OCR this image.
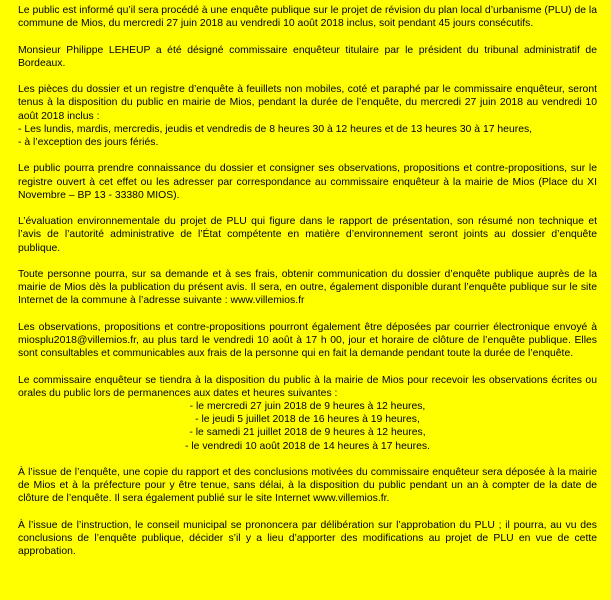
Le public est informé qu’il sera procédé à une enquête publique sur le projet de révision du plan local d’urbanisme (PLU) de la commune de Mios, du mercredi 27 juin 2018 au vendredi 10 août 2018 inclus, soit pendant 45 jours consécutifs.

Monsieur Philippe LEHEUP a été désigné commissaire enquêteur titulaire par le président du tribunal administratif de Bordeaux.

Les pièces du dossier et un registre d’enquête à feuillets non mobiles, coté et paraphé par le commissaire enquêteur, seront tenus à la disposition du public en mairie de Mios, pendant la durée de l’enquête, du mercredi 27 juin 2018 au vendredi 10 août 2018 inclus :

- Les lundis, mardis, mercredis, jeudis et vendredis de 8 heures 30 à 12 heures et de 13 heures 30 à 17 heures,

- à l’exception des jours fériés.

Le public pourra prendre connaissance du dossier et consigner ses observations, propositions et contre-propositions, sur le registre ouvert à cet effet ou les adresser par correspondance au commissaire enquêteur à la mairie de Mios (Place du XI Novembre – BP 13 - 33380 MIOS).

L’évaluation environnementale du projet de PLU qui figure dans le rapport de présentation, son résumé non technique et l’avis de l’autorité administrative de l’État compétente en matière d’environnement seront joints au dossier d’enquête publique.

Toute personne pourra, sur sa demande et à ses frais, obtenir communication du dossier d’enquête publique auprès de la mairie de Mios dès la publication du présent avis. Il sera, en outre, également disponible durant l’enquête publique sur le site Internet de la commune à l’adresse suivante : www.villemios.fr

Les observations, propositions et contre-propositions pourront également être déposées par courrier électronique envoyé à miosplu2018@villemios.fr, au plus tard le vendredi 10 août à 17 h 00, jour et horaire de clôture de l’enquête publique. Elles sont consultables et communicables aux frais de la personne qui en fait la demande pendant toute la durée de l’enquête.

Le commissaire enquêteur se tiendra à la disposition du public à la mairie de Mios pour recevoir les observations écrites ou orales du public lors de permanences aux dates et heures suivantes :

- le mercredi 27 juin 2018 de 9 heures à 12 heures,
- le jeudi 5 juillet 2018 de 16 heures à 19 heures,
- le samedi 21 juillet 2018 de 9 heures à 12 heures,
- le vendredi 10 août 2018 de 14 heures à 17 heures.

À l’issue de l’enquête, une copie du rapport et des conclusions motivées du commissaire enquêteur sera déposée à la mairie de Mios et à la préfecture pour y être tenue, sans délai, à la disposition du public pendant un an à compter de la date de clôture de l’enquête. Il sera également publié sur le site Internet www.villemios.fr.

À l’issue de l’instruction, le conseil municipal se prononcera par délibération sur l’approbation du PLU ; il pourra, au vu des conclusions de l’enquête publique, décider s’il y a lieu d’apporter des modifications au projet de PLU en vue de cette approbation.
